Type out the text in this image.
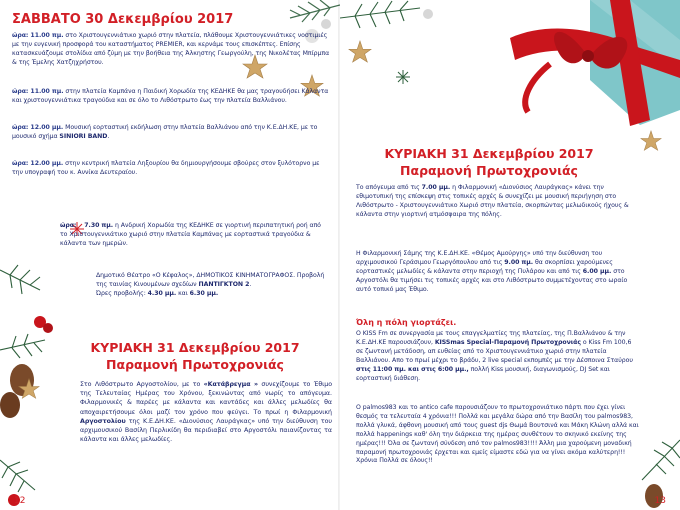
ΣΑΒΒΑΤΟ 30 Δεκεμβρίου 2017
ώρα: 11.00 πμ. στο Χριστουγεννιάτικο χωριό στην πλατεία, πλάθουμε Χριστουγεννιάτικες νοστιμιές με την ευγενική προσφορά του καταστήματος PREMIER, και κερνάμε τους επισκέπτες. Επίσης κατασκευάζουμε στολίδια από ζύμη με την βοήθεια της Άλκηστης Γεωργούλη, της Νικολέτας Μπίρμπα & της Έμελης Χατζηχρήστου.
ώρα: 11.00 πμ. στην πλατεία Καμπάνα η Παιδική Χορωδία της ΚΕΔΗΚΕ θα μας τραγουδήσει Κάλαντα και χριστουγεννιάτικα τραγούδια και σε όλο το Λιθόστρωτο έως την πλατεία Βαλλιάνου.
ώρα: 12.00 μμ. Μουσική εορταστική εκδήλωση στην πλατεία Βαλλιάνου από την Κ.Ε.ΔΗ.ΚΕ, με το μουσικό σχήμα SINIORI BAND.
ώρα: 12.00 μμ. στην κεντρική πλατεία Ληξουρίου θα δημιουργήσουμε σβούρες στον ξυλότορνο με την υπογραφή του κ. Αννίκα Δευτεραίου.
ώρα: 7.30 πμ. η Ανδρική Χορωδία της ΚΕΔΗΚΕ σε γιορτινή περιπατητική ροή από το Χριστουγεννιάτικο χωριό στην πλατεία Καμπάνας με εορταστικά τραγούδια & κάλαντα των ημερών.
Δημοτικό Θέατρο «Ο Κέφαλος», ΔΗΜΟΤΙΚΟΣ ΚΙΝΗΜΑΤΟΓΡΑΦΟΣ. Προβολή της ταινίας Κινουμένων σχεδίων ΠΑΝΤΙΓΚΤΟΝ 2.
Ώρες προβολής: 4.30 μμ. και 6.30 μμ.
ΚΥΡΙΑΚΗ 31 Δεκεμβρίου 2017
Παραμονή Πρωτοχρονιάς
Στο Λιθόστρωτο Αργοστολίου, με τo «Κατάβρεγμα » συνεχίζουμε το Έθιμο της Τελευταίας Ημέρας του Χρόνου, ξεκινώντας από νωρίς το απόγευμα. Φιλαρμονικές & παρέες με κάλαντα και καντάδες και άλλες μελωδίες θα αποχαιρετήσουμε όλοι μαζί τον χρόνο που φεύγει. Το πρωί η Φιλαρμονική Αργοστολίου της Κ.Ε.ΔΗ.ΚΕ. «Διονύσιος Λαυράγκας» υπό την διεύθυνση του αρχιμουσικού Βασίλη Περλικίδη θα περιδιαβεί στο Αργοστόλι παιανίζοντας τα κάλαντα και άλλες μελωδίες.
12
ΚΥΡΙΑΚΗ 31 Δεκεμβρίου 2017
Παραμονή Πρωτοχρονιάς
Το απόγευμα από τις 7.00 μμ. η Φιλαρμονική «Διονύσιος Λαυράγκας» κάνει την εθιμοτυπική της επίσκεψη στις τοπικές αρχές & συνεχίζει με μουσική περιήγηση στο Λιθόστρωτο - Χριστουγεννιάτικο Χωριό στην πλατεία, σκορπώντας μελωδικούς ήχους & κάλαντα στην γιορτινή ατμόσφαιρα της πόλης.
Η Φιλαρμονική Σάμης της Κ.Ε.ΔΗ.ΚΕ. «Θέμος Αμούργης» υπό την διεύθυνση του αρχιμουσικού Γεράσιμου Γεωργόπουλου από τις 9.00 πμ. θα σκορπίσει χαρούμενες εορταστικές μελωδίες & κάλαντα στην περιοχή της Πυλάρου και από τις 6.00 μμ. στο Αργοστόλι θα τιμήσει τις τοπικές αρχές και στο Λιθόστρωτο συμμετέχοντας στο ωραίο αυτό τοπικό μας Έθιμο.
Όλη η πόλη γιορτάζει.
Ο KISS Fm σε συνεργασία με τους επαγγελματίες της πλατείας, της Π.Βαλλιάνου & την Κ.Ε.ΔΗ.ΚΕ παρουσιάζουν, KISSmas Special-Παραμονή Πρωτοχρονιάς ο Kiss Fm 100,6 σε ζωντανή μετάδοση, απ ευθείας από το Χριστουγεννιάτικο χωριό στην πλατεία Βαλλιάνου. Απο το πρωί μέχρι το βράδυ, 2 live special εκπομπές με την Δέσποινα Σταύρου στις 11:00 πμ. και στις 6:00 μμ., πολλή Kiss μουσική, διαγωνισμούς, DJ Set και εορταστική διάθεση.
Ο palmos983 και το antico cafe παρουσιάζουν το πρωτοχρονιάτικο πάρτι που έχει γίνει θεσμός τα τελευταία 4 χρόνια!!! Πολλά και μεγάλα δώρα από την Βασίλη του palmos983, πολλά γλυκά, άφθονη μουσική από τους guest djs Θωμά Βουτσινά και Μάκη Κλώνη αλλά και πολλά happenings καθ' όλη την διάρκεια της ημέρας συνθέτουν το σκηνικό εκείνης της ημέρας!!! Όλα σε ζωντανή σύνδεση από τον palmos983!!!! Άλλη μια χαρούμενη μοναδική παραμονή πρωτοχρονιάς έρχεται και εμείς είμαστε εδώ για να γίνει ακόμα καλύτερη!!! Χρόνια Πολλά σε όλους!!
13
